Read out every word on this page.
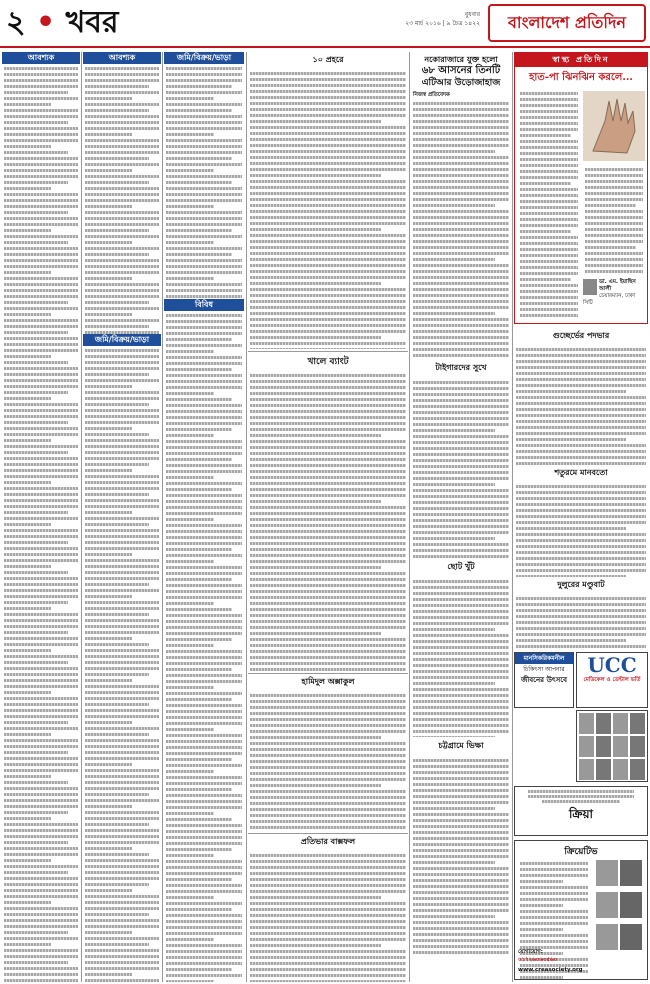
২ • খবর	বুধবার
২৩ মার্চ ২০১৬ | ৯ চৈত্র ১৪২২	বাংলাদেশ প্রতিদিন
আবশ্যক	আবশ্যক
জমি/বিক্রয়/ভাড়া
জমি/বিক্রয়/ভাড়া
বিবিধ
১০ প্রহরে
খালে ব্যাংট
হামিদুল অক্সাকুল
প্রতিভার বাক্সফল
নকোরাজারে যুক্ত হলো
৬৮ আসনের তিনটি
এটিআর উড়োজাহাজ
নিজস্ব প্রতিবেদক
টাইগারদের সুখে
ছোট খুঁট
চট্টগ্রামে ভিক্ষা
স্বাস্থ্য প্রতিদিন
হাত-পা ঝিনঝিন করলে...
ডা. এম. ইয়াছিন আলী
চেয়ারম্যান, ঢাকা সিটি
গুচ্ছের্ভের পদভার
শতুরমে মানবতো
দুলুরের মণ্ডুবাট
UCC
মেডিকেল ও ডেন্টাল ভর্তি
মানসিকরিকমনীল
চিকিৎসা আপনার
জীবনের উৎসবে
ক্রিয়া
ক্রিয়েটিভ
যোগাযোগ:
০১৭২৬০৬৩৫৬০
www.creasociety.org
